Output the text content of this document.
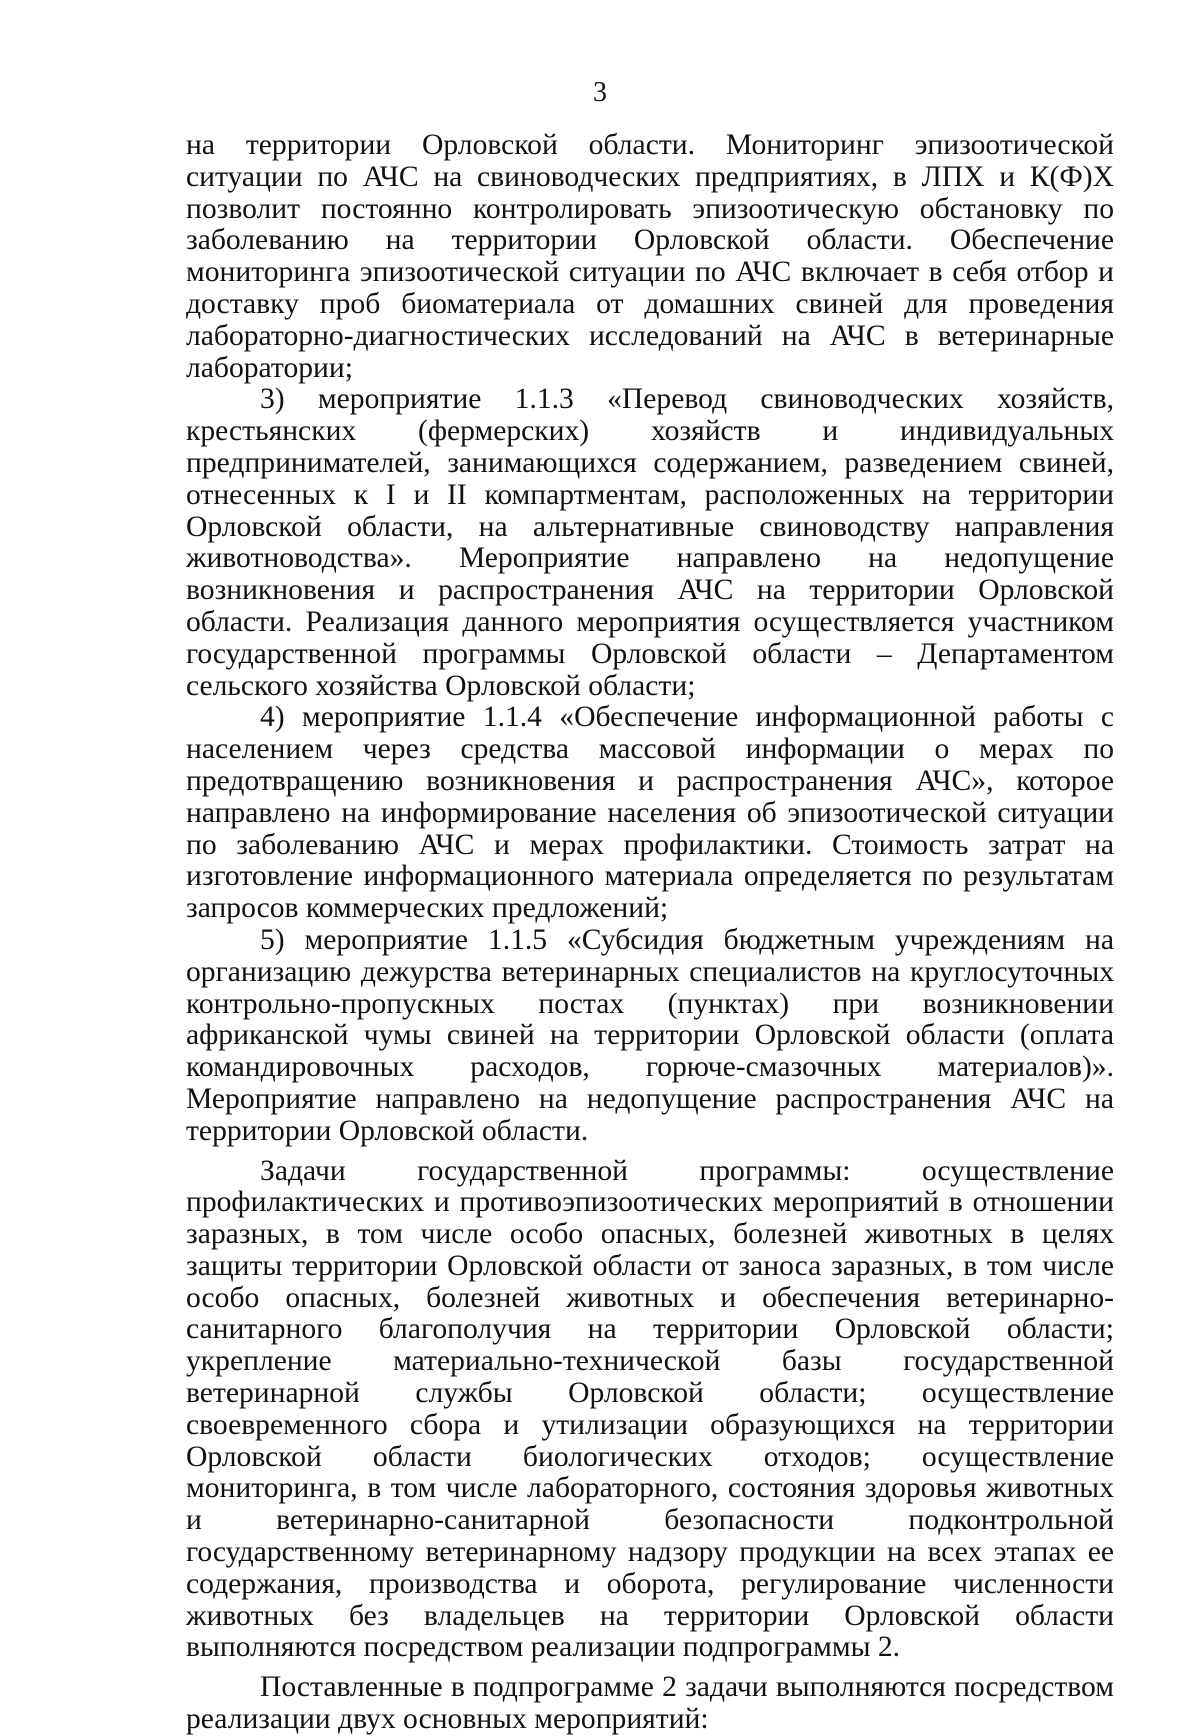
3

на территории Орловской области. Мониторинг эпизоотической ситуации по АЧС на свиноводческих предприятиях, в ЛПХ и К(Ф)Х позволит постоянно контролировать эпизоотическую обстановку по заболеванию на территории Орловской области. Обеспечение мониторинга эпизоотической ситуации по АЧС включает в себя отбор и доставку проб биоматериала от домашних свиней для проведения лабораторно-диагностических исследований на АЧС в ветеринарные лаборатории;

3) мероприятие 1.1.3 «Перевод свиноводческих хозяйств, крестьянских (фермерских) хозяйств и индивидуальных предпринимателей, занимающихся содержанием, разведением свиней, отнесенных к I и II компартментам, расположенных на территории Орловской области, на альтернативные свиноводству направления животноводства». Мероприятие направлено на недопущение возникновения и распространения АЧС на территории Орловской области. Реализация данного мероприятия осуществляется участником государственной программы Орловской области – Департаментом сельского хозяйства Орловской области;

4) мероприятие 1.1.4 «Обеспечение информационной работы с населением через средства массовой информации о мерах по предотвращению возникновения и распространения АЧС», которое направлено на информирование населения об эпизоотической ситуации по заболеванию АЧС и мерах профилактики. Стоимость затрат на изготовление информационного материала определяется по результатам запросов коммерческих предложений;

5) мероприятие 1.1.5 «Субсидия бюджетным учреждениям на организацию дежурства ветеринарных специалистов на круглосуточных контрольно-пропускных постах (пунктах) при возникновении африканской чумы свиней на территории Орловской области (оплата командировочных расходов, горюче-смазочных материалов)». Мероприятие направлено на недопущение распространения АЧС на территории Орловской области.

Задачи государственной программы: осуществление профилактических и противоэпизоотических мероприятий в отношении заразных, в том числе особо опасных, болезней животных в целях защиты территории Орловской области от заноса заразных, в том числе особо опасных, болезней животных и обеспечения ветеринарно-санитарного благополучия на территории Орловской области; укрепление материально-технической базы государственной ветеринарной службы Орловской области; осуществление своевременного сбора и утилизации образующихся на территории Орловской области биологических отходов; осуществление мониторинга, в том числе лабораторного, состояния здоровья животных и ветеринарно-санитарной безопасности подконтрольной государственному ветеринарному надзору продукции на всех этапах ее содержания, производства и оборота, регулирование численности животных без владельцев на территории Орловской области выполняются посредством реализации подпрограммы 2.

Поставленные в подпрограмме 2 задачи выполняются посредством реализации двух основных мероприятий:
